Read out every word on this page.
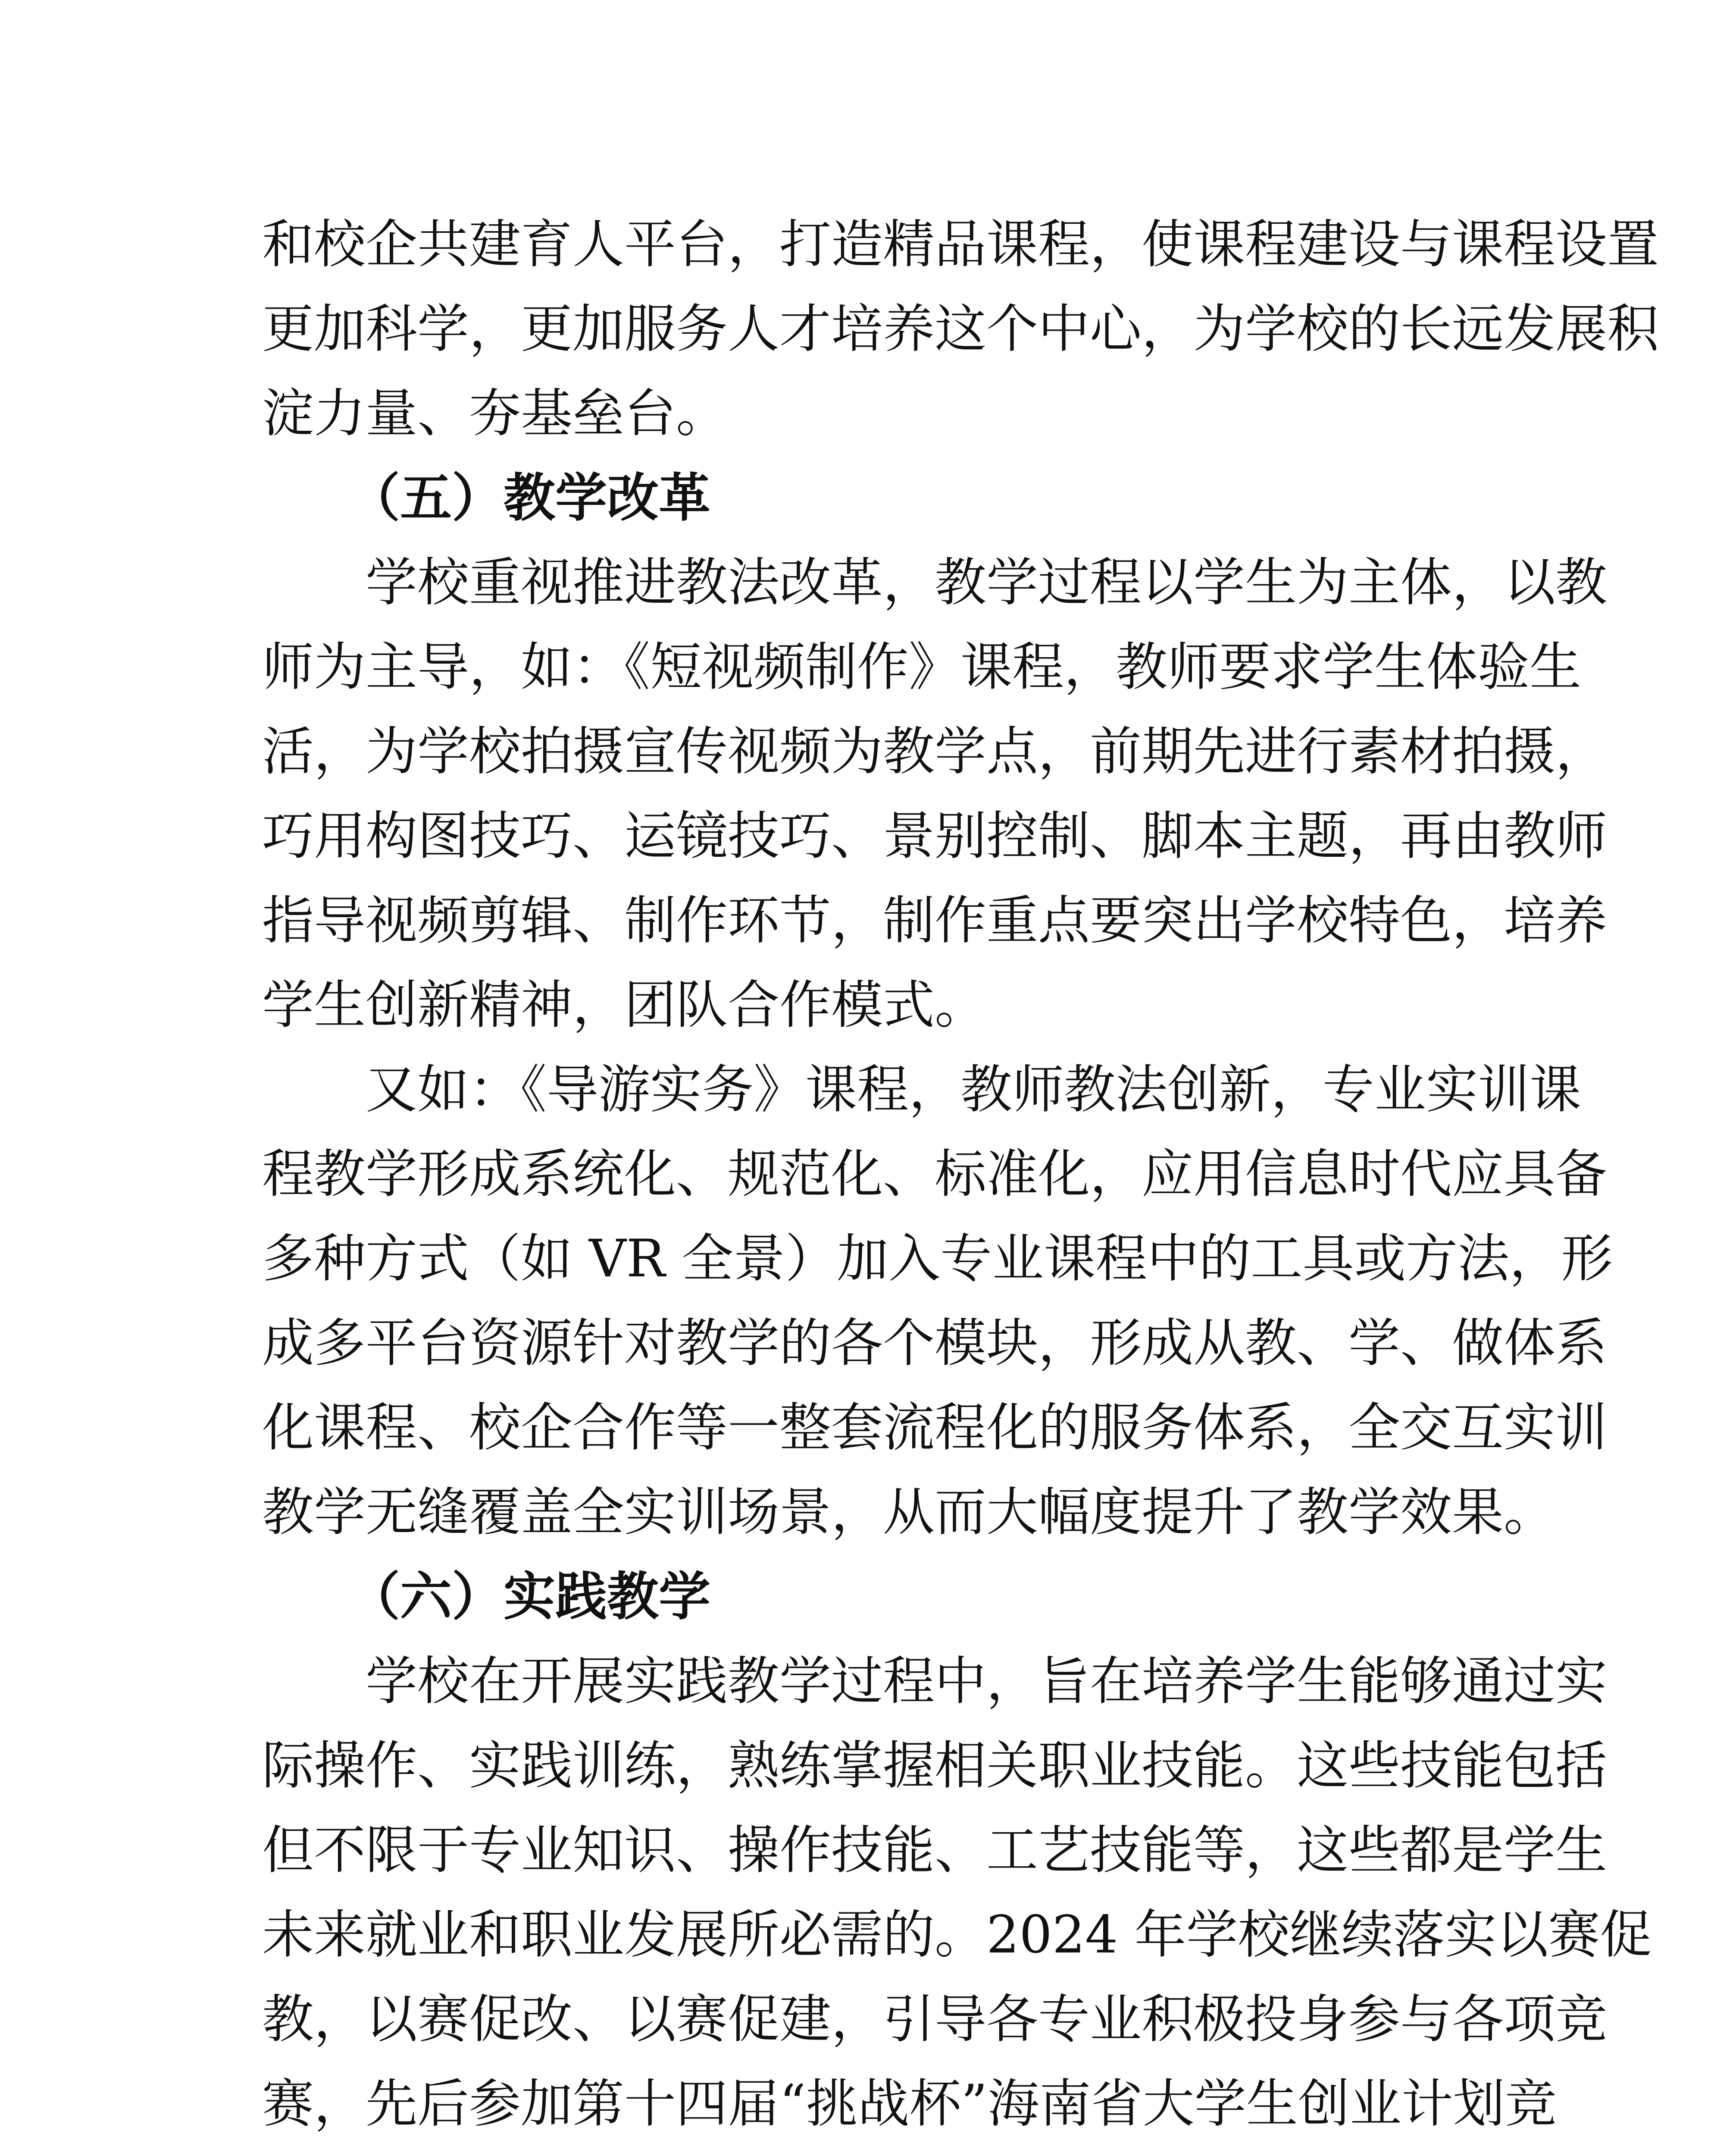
和校企共建育人平台，打造精品课程，使课程建设与课程设置
更加科学，更加服务人才培养这个中心，为学校的长远发展积
淀力量、夯基垒台。
（五）教学改革
学校重视推进教法改革，教学过程以学生为主体，以教
师为主导，如：《短视频制作》课程，教师要求学生体验生
活，为学校拍摄宣传视频为教学点，前期先进行素材拍摄，
巧用构图技巧、运镜技巧、景别控制、脚本主题，再由教师
指导视频剪辑、制作环节，制作重点要突出学校特色，培养
学生创新精神，团队合作模式。
又如：《导游实务》课程，教师教法创新，专业实训课
程教学形成系统化、规范化、标准化，应用信息时代应具备
多种方式（如 VR 全景）加入专业课程中的工具或方法，形
成多平台资源针对教学的各个模块，形成从教、学、做体系
化课程、校企合作等一整套流程化的服务体系，全交互实训
教学无缝覆盖全实训场景，从而大幅度提升了教学效果。
（六）实践教学
学校在开展实践教学过程中，旨在培养学生能够通过实
际操作、实践训练，熟练掌握相关职业技能。这些技能包括
但不限于专业知识、操作技能、工艺技能等，这些都是学生
未来就业和职业发展所必需的。2024 年学校继续落实以赛促
教，以赛促改、以赛促建，引导各专业积极投身参与各项竞
赛，先后参加第十四届“挑战杯”海南省大学生创业计划竞
